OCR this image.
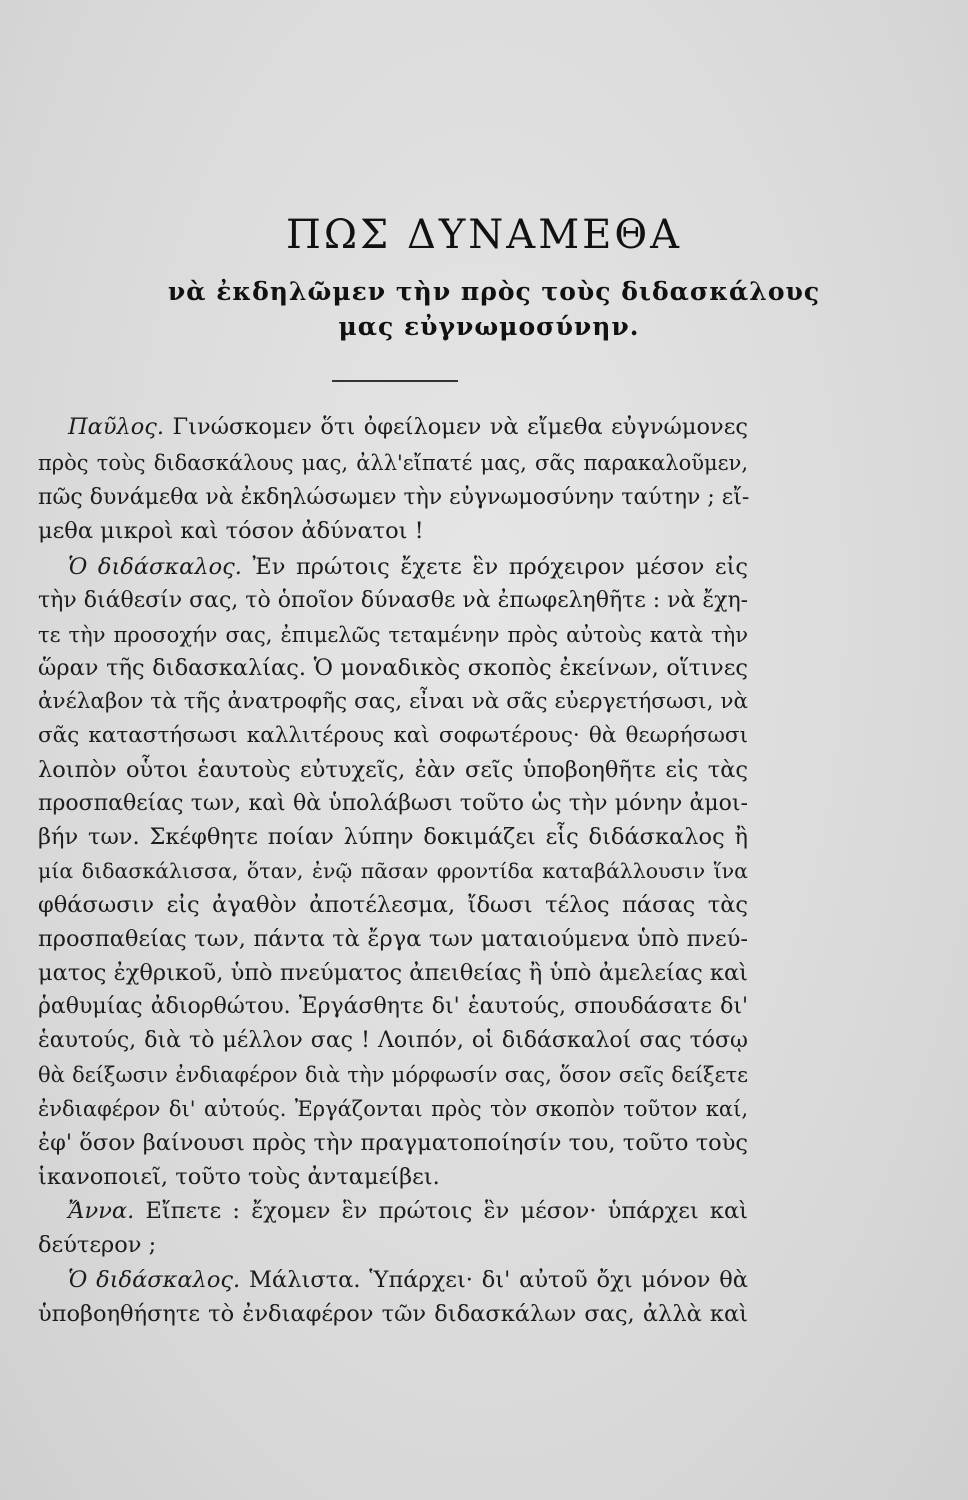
ΠΩΣ ΔΥΝΑΜΕΘΑ
νὰ ἐκδηλῶμεν τὴν πρὸς τοὺς διδασκάλους
μας εὐγνωμοσύνην.
Παῦλος. Γινώσκομεν ὅτι ὀφείλομεν νὰ εἴμεθα εὐγνώμονες
πρὸς τοὺς διδασκάλους μας, ἀλλ'εἴπατέ μας, σᾶς παρακαλοῦμεν,
πῶς δυνάμεθα νὰ ἐκδηλώσωμεν τὴν εὐγνωμοσύνην ταύτην ; εἴ-
μεθα μικροὶ καὶ τόσον ἀδύνατοι !
Ὁ διδάσκαλος. Ἐν πρώτοις ἔχετε ἓν πρόχειρον μέσον εἰς
τὴν διάθεσίν σας, τὸ ὁποῖον δύνασθε νὰ ἐπωφεληθῆτε : νὰ ἔχη-
τε τὴν προσοχήν σας, ἐπιμελῶς τεταμένην πρὸς αὐτοὺς κατὰ τὴν
ὥραν τῆς διδασκαλίας. Ὁ μοναδικὸς σκοπὸς ἐκείνων, οἵτινες
ἀνέλαβον τὰ τῆς ἀνατροφῆς σας, εἶναι νὰ σᾶς εὐεργετήσωσι, νὰ
σᾶς καταστήσωσι καλλιτέρους καὶ σοφωτέρους· θὰ θεωρήσωσι
λοιπὸν οὗτοι ἑαυτοὺς εὐτυχεῖς, ἐὰν σεῖς ὑποβοηθῆτε εἰς τὰς
προσπαθείας των, καὶ θὰ ὑπολάβωσι τοῦτο ὡς τὴν μόνην ἀμοι-
βήν των. Σκέφθητε ποίαν λύπην δοκιμάζει εἷς διδάσκαλος ἢ
μία διδασκάλισσα, ὅταν, ἐνῷ πᾶσαν φροντίδα καταβάλλουσιν ἵνα
φθάσωσιν εἰς ἀγαθὸν ἀποτέλεσμα, ἴδωσι τέλος πάσας τὰς
προσπαθείας των, πάντα τὰ ἔργα των ματαιούμενα ὑπὸ πνεύ-
ματος ἐχθρικοῦ, ὑπὸ πνεύματος ἀπειθείας ἢ ὑπὸ ἀμελείας καὶ
ῥαθυμίας ἀδιορθώτου. Ἐργάσθητε δι' ἑαυτούς, σπουδάσατε δι'
ἑαυτούς, διὰ τὸ μέλλον σας ! Λοιπόν, οἱ διδάσκαλοί σας τόσῳ
θὰ δείξωσιν ἐνδιαφέρον διὰ τὴν μόρφωσίν σας, ὅσον σεῖς δείξετε
ἐνδιαφέρον δι' αὐτούς. Ἐργάζονται πρὸς τὸν σκοπὸν τοῦτον καί,
ἐφ' ὅσον βαίνουσι πρὸς τὴν πραγματοποίησίν του, τοῦτο τοὺς
ἱκανοποιεῖ, τοῦτο τοὺς ἀνταμείβει.
Ἄννα. Εἴπετε : ἔχομεν ἓν πρώτοις ἓν μέσον· ὑπάρχει καὶ
δεύτερον ;
Ὁ διδάσκαλος. Μάλιστα. Ὑπάρχει· δι' αὐτοῦ ὄχι μόνον θὰ
ὑποβοηθήσητε τὸ ἐνδιαφέρον τῶν διδασκάλων σας, ἀλλὰ καὶ
